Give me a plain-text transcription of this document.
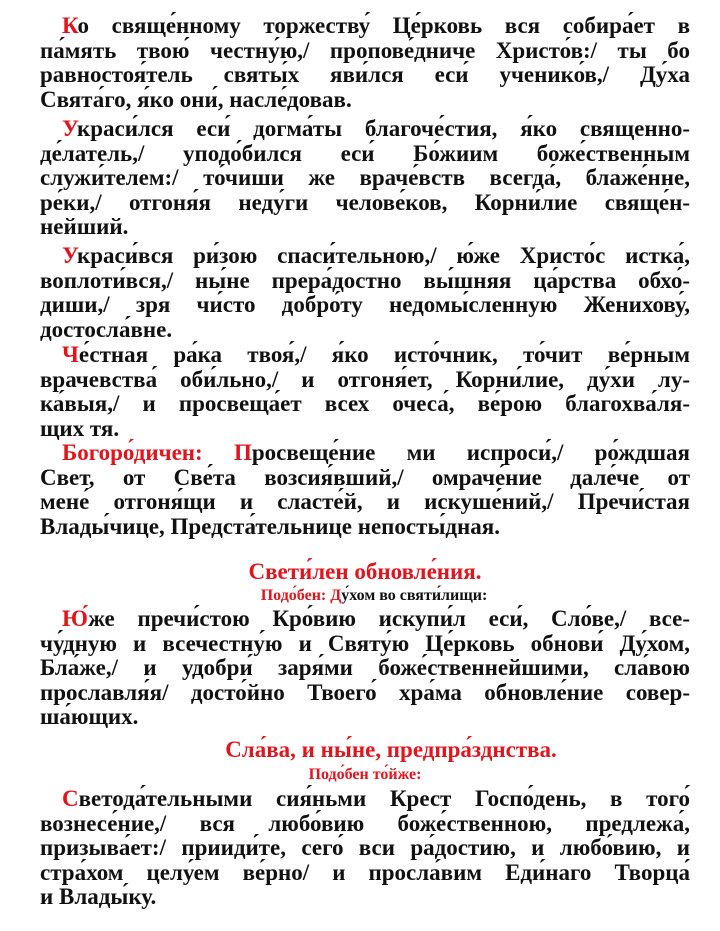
Ко свяще́нному торжеству́ Це́рковь вся собира́ет в
па́мять твою́ честну́ю,/ пропове́дниче Христо́в:/ ты бо
равностоя́тель святы́х яви́лся еси́ ученико́в,/ Ду́ха
Свята́го, я́ко они́, насле́довав.
Украси́лся еси́ догма́ты благоче́стия, я́ко священно-
де́латель,/ уподо́бился еси́ Бо́жиим боже́ственным
служи́телем:/ то́чиши же враче́вств всегда́, блаже́нне,
ре́ки,/ отгоня́я неду́ги челове́ков, Корни́лие свяще́н-
нейший.
Украси́вся ри́зою спаси́тельною,/ ю́же Христо́с истка́,
воплоти́вся,/ ны́не прера́достно вы́шняя ца́рства обхо́-
диши,/ зря чи́сто добро́ту недомы́сленную Женихову́,
достосла́вне.
Че́стная ра́ка твоя́,/ я́ко исто́чник, то́чит ве́рным
врачевства́ оби́льно,/ и отгоня́ет, Корни́лие, ду́хи лу-
ка́выя,/ и просвеща́ет всех очеса́, ве́рою благохва́ля-
щих тя.
Богоро́дичен: Просвеще́ние ми испроси́,/ ро́ждшая
Свет, от Све́та возсия́вший,/ омраче́ние дале́че от
мене́ отгоня́щи и сласте́й, и искуше́ний,/ Пречи́стая
Влады́чице, Предста́тельнице непосты́дная.
Свети́лен обновле́ния.
Подо́бен: Ду́хом во святи́лищи:
Ю́же пречи́стою Кро́вию искупи́л еси́, Сло́ве,/ все-
чу́дную и всечестну́ю и Святу́ю Це́рковь обнови́ Ду́хом,
Бла́же,/ и удобри́ заря́ми боже́ственнейшими, сла́вою
прославля́я/ досто́йно Твоего́ хра́ма обновле́ние совер-
ша́ющих.
Сла́ва, и ны́не, предпра́зднства.
Подо́бен то́йже:
Светода́тельными сия́ньми Крест Госпо́день, в того́
вознесе́ние,/ вся любо́вию боже́ственною, предлежа́,
призыва́ет:/ прииди́те, сего́ вси ра́достию, и любо́вию, и
стра́хом целу́ем ве́рно/ и просла́вим Еди́наго Творца́
и Влады́ку.
